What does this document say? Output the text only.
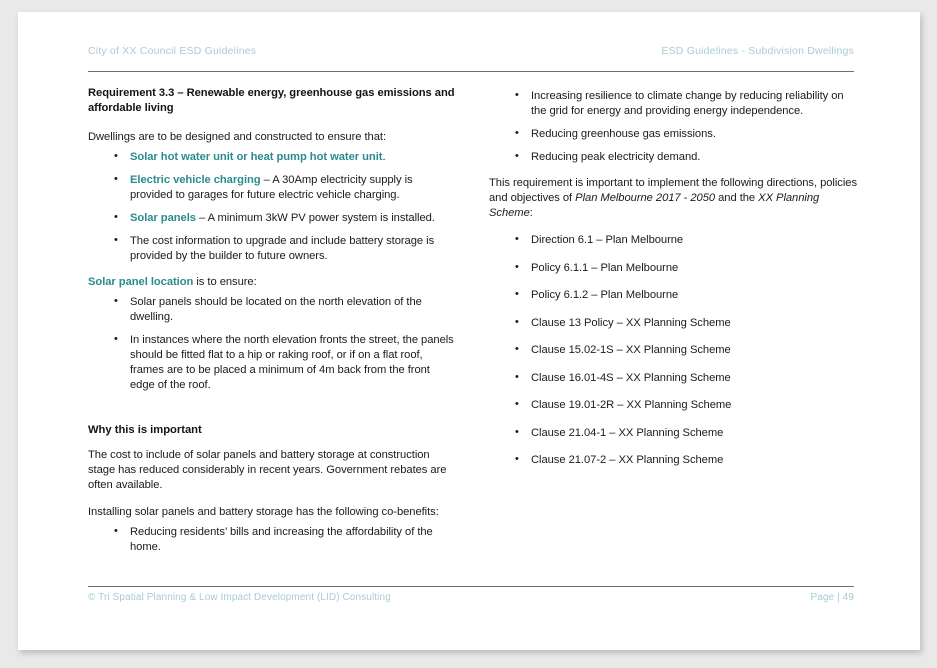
City of XX Council ESD Guidelines	ESD Guidelines - Subdivision Dwellings
Requirement 3.3 – Renewable energy, greenhouse gas emissions and affordable living

Dwellings are to be designed and constructed to ensure that:

• Solar hot water unit or heat pump hot water unit.
• Electric vehicle charging – A 30Amp electricity supply is provided to garages for future electric vehicle charging.
• Solar panels – A minimum 3kW PV power system is installed.
• The cost information to upgrade and include battery storage is provided by the builder to future owners.

Solar panel location is to ensure:

• Solar panels should be located on the north elevation of the dwelling.
• In instances where the north elevation fronts the street, the panels should be fitted flat to a hip or raking roof, or if on a flat roof, frames are to be placed a minimum of 4m back from the front edge of the roof.
Why this is important

The cost to include of solar panels and battery storage at construction stage has reduced considerably in recent years. Government rebates are often available.

Installing solar panels and battery storage has the following co-benefits:

• Reducing residents’ bills and increasing the affordability of the home.
• Increasing resilience to climate change by reducing reliability on the grid for energy and providing energy independence.
• Reducing greenhouse gas emissions.
• Reducing peak electricity demand.

This requirement is important to implement the following directions, policies and objectives of Plan Melbourne 2017 - 2050 and the XX Planning Scheme:

• Direction 6.1 – Plan Melbourne
• Policy 6.1.1 – Plan Melbourne
• Policy 6.1.2 – Plan Melbourne
• Clause 13 Policy – XX Planning Scheme
• Clause 15.02-1S – XX Planning Scheme
• Clause 16.01-4S – XX Planning Scheme
• Clause 19.01-2R – XX Planning Scheme
• Clause 21.04-1 – XX Planning Scheme
• Clause 21.07-2 – XX Planning Scheme
© Tri Spatial Planning & Low Impact Development (LID) Consulting	Page | 49
